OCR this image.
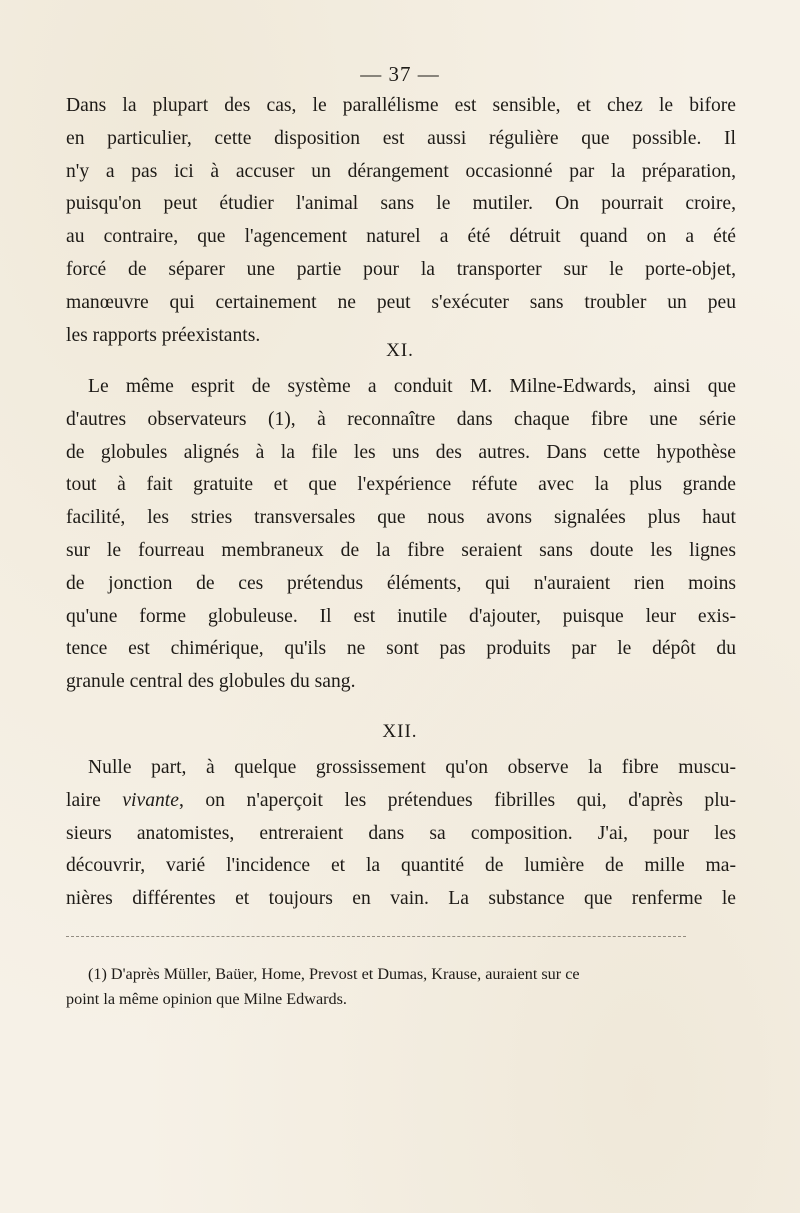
— 37 —

Dans la plupart des cas, le parallélisme est sensible, et chez le bifore
en particulier, cette disposition est aussi régulière que possible. Il
n'y a pas ici à accuser un dérangement occasionné par la préparation,
puisqu'on peut étudier l'animal sans le mutiler. On pourrait croire,
au contraire, que l'agencement naturel a été détruit quand on a été
forcé de séparer une partie pour la transporter sur le porte-objet,
manœuvre qui certainement ne peut s'exécuter sans troubler un peu
les rapports préexistants.

XI.

Le même esprit de système a conduit M. Milne-Edwards, ainsi que
d'autres observateurs (1), à reconnaître dans chaque fibre une série
de globules alignés à la file les uns des autres. Dans cette hypothèse
tout à fait gratuite et que l'expérience réfute avec la plus grande
facilité, les stries transversales que nous avons signalées plus haut
sur le fourreau membraneux de la fibre seraient sans doute les lignes
de jonction de ces prétendus éléments, qui n'auraient rien moins
qu'une forme globuleuse. Il est inutile d'ajouter, puisque leur exis-
tence est chimérique, qu'ils ne sont pas produits par le dépôt du
granule central des globules du sang.

XII.

Nulle part, à quelque grossissement qu'on observe la fibre muscu-
laire vivante, on n'aperçoit les prétendues fibrilles qui, d'après plu-
sieurs anatomistes, entreraient dans sa composition. J'ai, pour les
découvrir, varié l'incidence et la quantité de lumière de mille ma-
nières différentes et toujours en vain. La substance que renferme le

(1) D'après Müller, Baüer, Home, Prevost et Dumas, Krause, auraient sur ce
point la même opinion que Milne Edwards.
